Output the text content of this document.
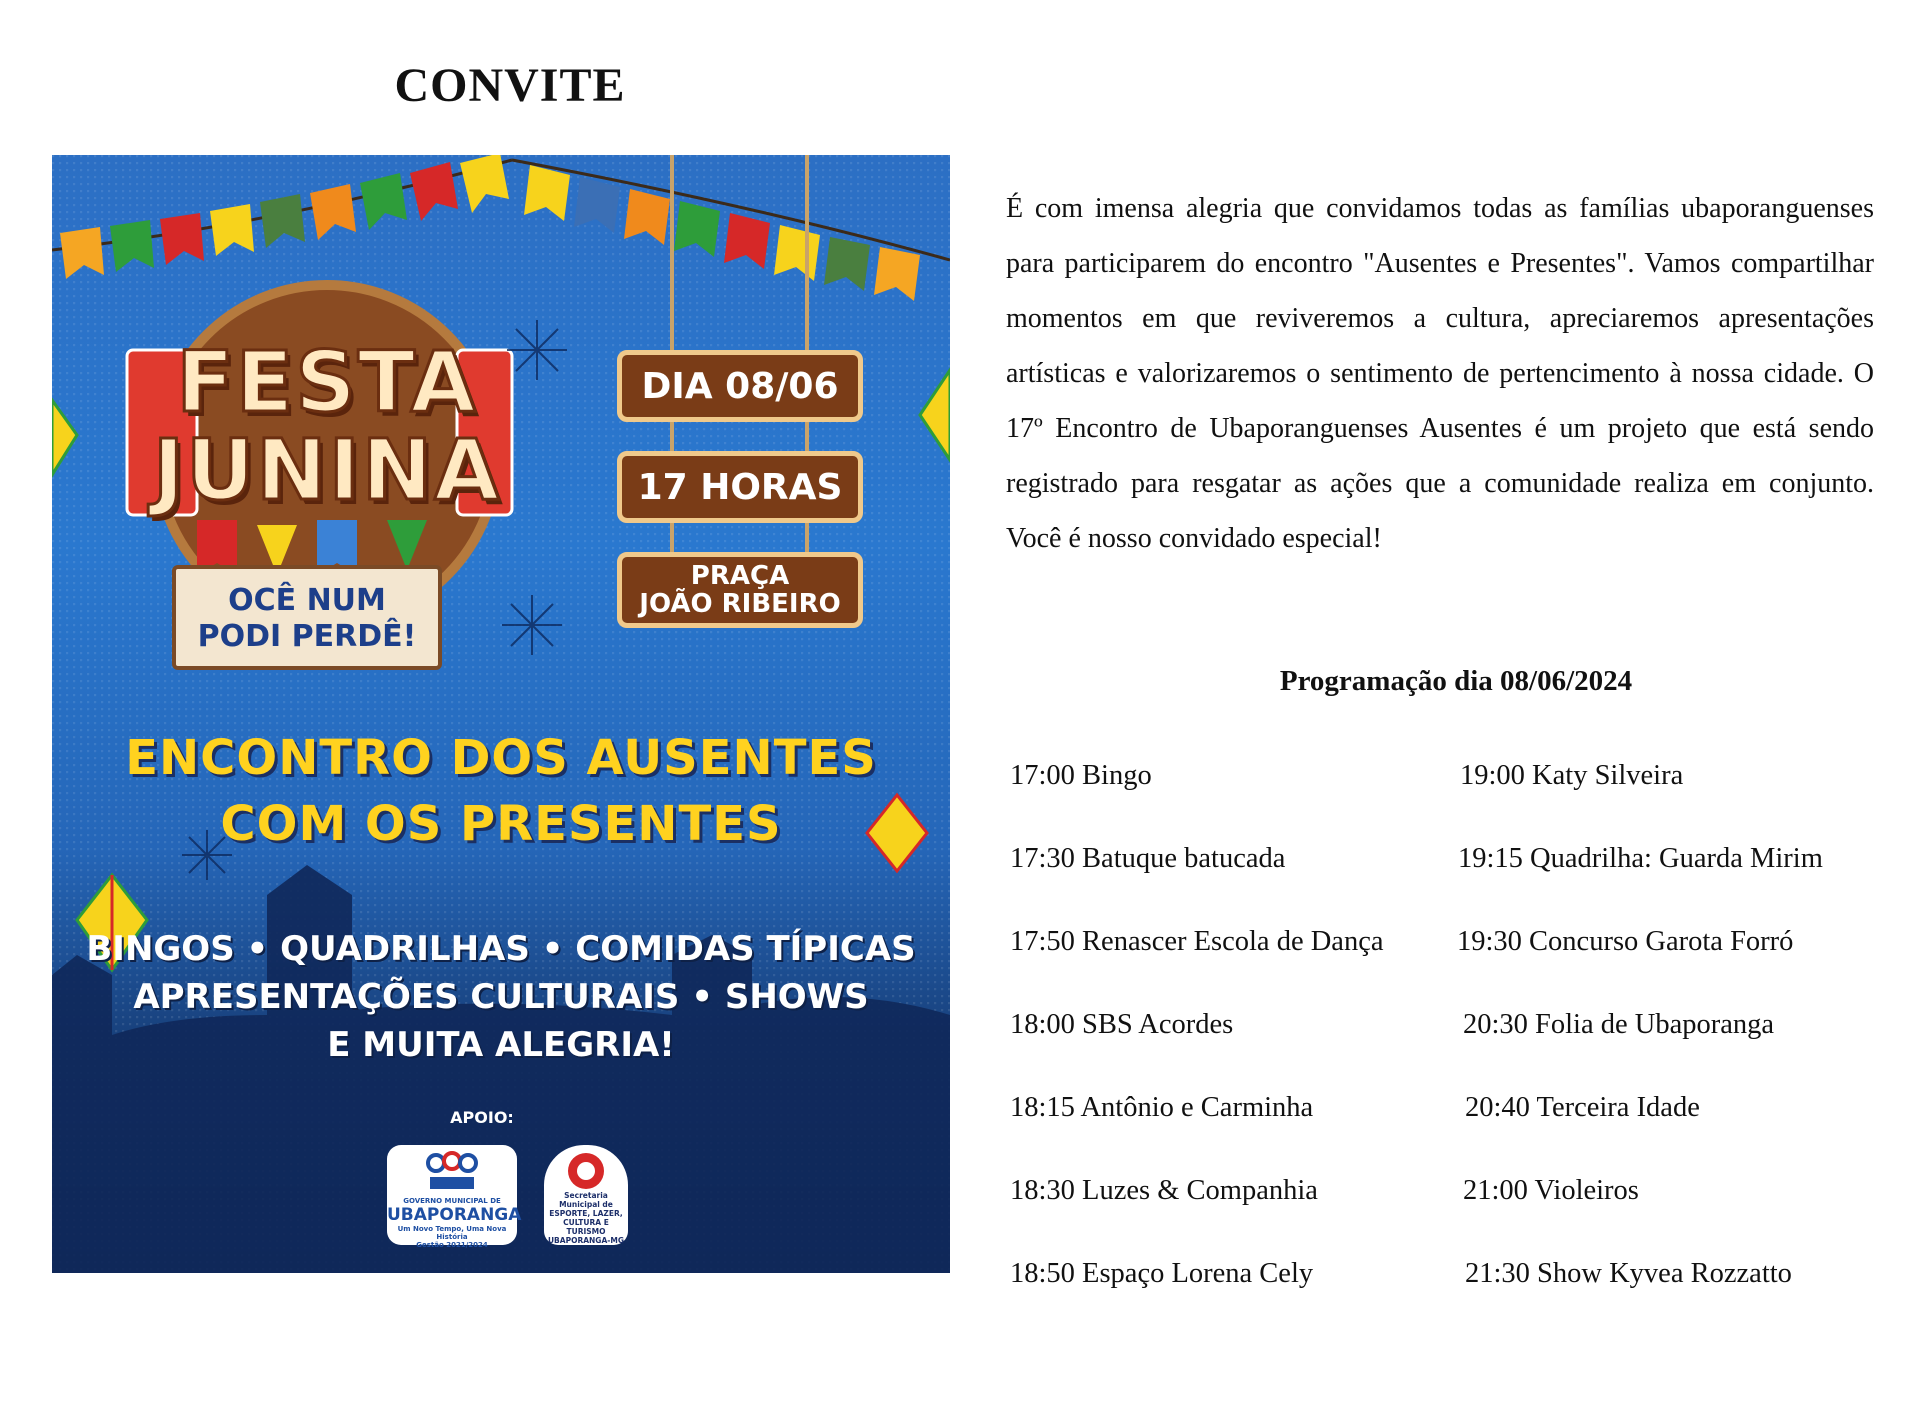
CONVITE
FESTA
JUNINA
OCÊ NUM
PODI PERDÊ!
DIA 08/06
17 HORAS
PRAÇA
JOÃO RIBEIRO
ENCONTRO DOS AUSENTES
COM OS PRESENTES
BINGOS • QUADRILHAS • COMIDAS TÍPICAS
APRESENTAÇÕES CULTURAIS • SHOWS
E MUITA ALEGRIA!
APOIO:
GOVERNO MUNICIPAL DE
UBAPORANGA
Um Novo Tempo, Uma Nova História
Gestão 2021/2024
Secretaria Municipal de
ESPORTE, LAZER,
CULTURA E TURISMO
UBAPORANGA-MG

É com imensa alegria que convidamos todas as famílias ubaporanguenses para participarem do encontro "Ausentes e Presentes". Vamos compartilhar momentos em que reviveremos a cultura, apreciaremos apresentações artísticas e valorizaremos o sentimento de pertencimento à nossa cidade. O 17º Encontro de Ubaporanguenses Ausentes é um projeto que está sendo registrado para resgatar as ações que a comunidade realiza em conjunto. Você é nosso convidado especial!

Programação dia 08/06/2024
17:00 Bingo
17:30 Batuque batucada
17:50 Renascer Escola de Dança
18:00 SBS Acordes
18:15 Antônio e Carminha
18:30 Luzes & Companhia
18:50 Espaço Lorena Cely
19:00 Katy Silveira
19:15 Quadrilha: Guarda Mirim
19:30 Concurso Garota Forró
20:30 Folia de Ubaporanga
20:40 Terceira Idade
21:00 Violeiros
21:30 Show Kyvea Rozzatto
